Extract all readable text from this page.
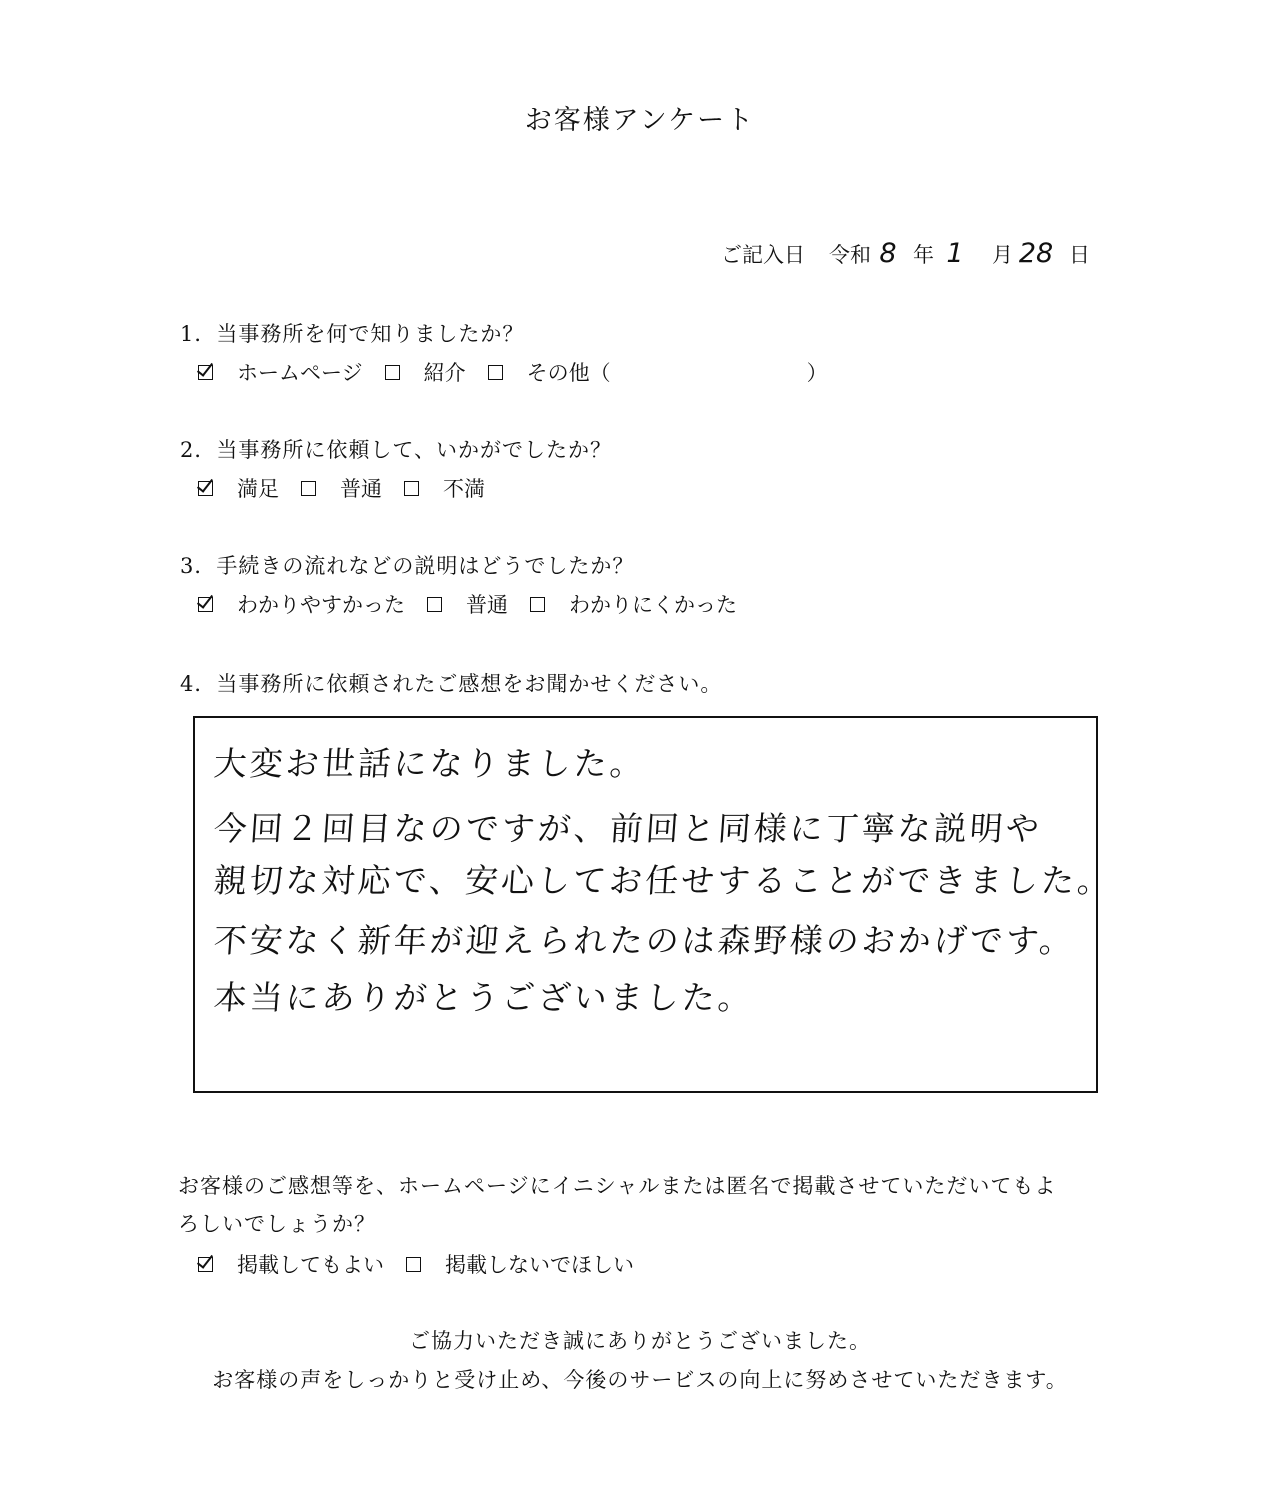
お客様アンケート
ご記入日 令和 8 年 1	月 28 日
1．当事務所を何で知りましたか？
ホームページ	紹介	その他（	）
2．当事務所に依頼して、いかがでしたか？
満足	普通	不満
3．手続きの流れなどの説明はどうでしたか？
わかりやすかった	普通	わかりにくかった
4．当事務所に依頼されたご感想をお聞かせください。
大変お世話になりました。
今回２回目なのですが、前回と同様に丁寧な説明や
親切な対応で、安心してお任せすることができました。
不安なく新年が迎えられたのは森野様のおかげです。
本当にありがとうございました。
お客様のご感想等を、ホームページにイニシャルまたは匿名で掲載させていただいてもよ
ろしいでしょうか？
掲載してもよい	掲載しないでほしい
ご協力いただき誠にありがとうございました。
お客様の声をしっかりと受け止め、今後のサービスの向上に努めさせていただきます。
